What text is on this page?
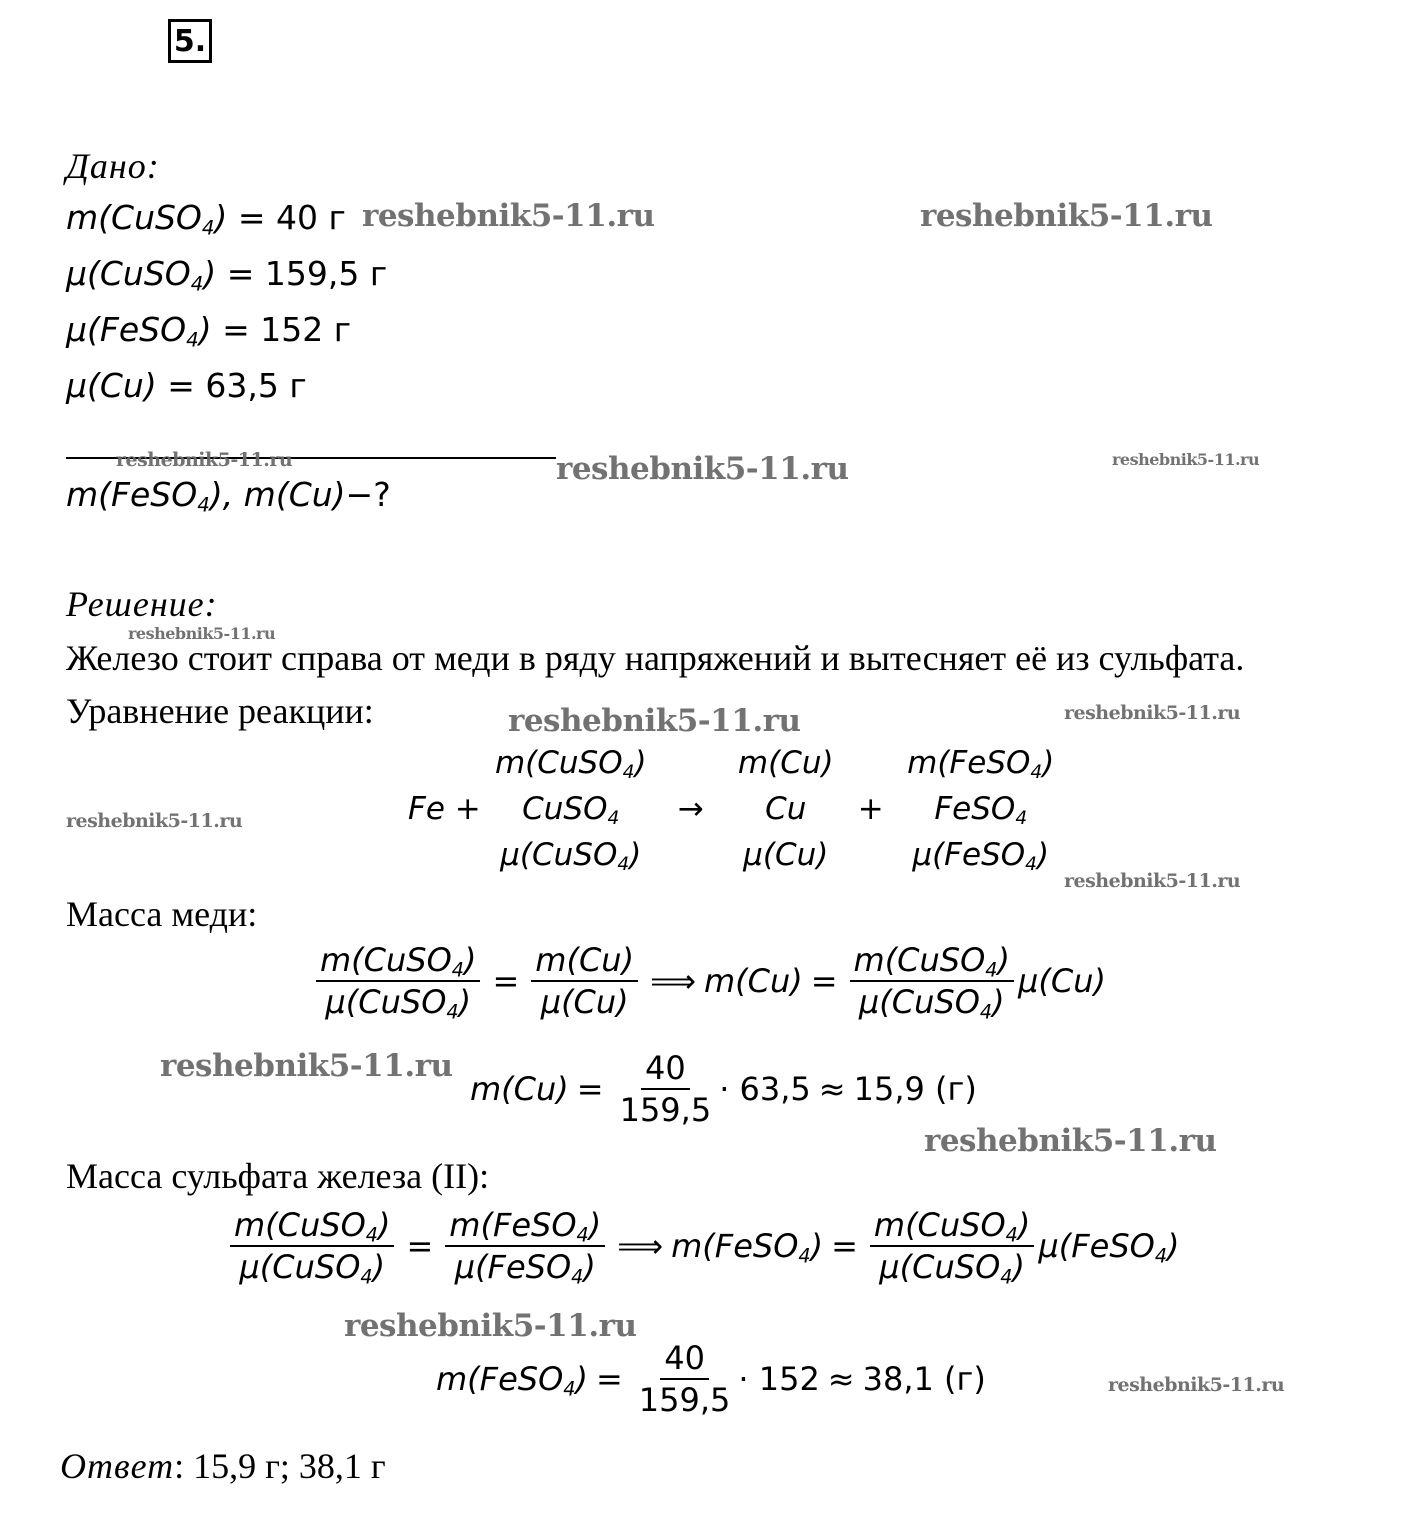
5.
Дано:
m(CuSO$_4$) = 40 г
μ(CuSO$_4$) = 159,5 г
μ(FeSO$_4$) = 152 г
μ(Cu) = 63,5 г
m(FeSO$_4$), m(Cu)−?
Решение:
Железо стоит справа от меди в ряду напряжений и вытесняет её из сульфата.
Уравнение реакции:
	m(CuSO$_4$)		m(Cu)		m(FeSO$_4$)
Fe +	CuSO$_4$	→	Cu	+	FeSO$_4$
	μ(CuSO$_4$)		μ(Cu)		μ(FeSO$_4$)
Масса меди:
$\frac{m(CuSO_4)}{\mu(CuSO_4)} = \frac{m(Cu)}{\mu(Cu)}$ ⟹ $m(Cu) = \frac{m(CuSO_4)}{\mu(CuSO_4)} \mu(Cu)$
$m(Cu) = \frac{40}{159,5}$ ·
63,5 ≈ 15,9 (г)
Масса сульфата железа (II):
$\frac{m(CuSO_4)}{\mu(CuSO_4)} = \frac{m(FeSO_4)}{\mu(FeSO_4)}$ ⟹ m(FeSO$_4$) = $\frac{m(CuSO_4)}{\mu(CuSO_4)}$ μ(FeSO$_4$)
m(FeSO$_4$) = $\frac{40}{159,5}$ ·
152 ≈ 38,1 (г)
Ответ: 15,9 г; 38,1 г
reshebnik5-11.ru	reshebnik5-11.ru
reshebnik5-11.ru	reshebnik5-11.ru	reshebnik5-11.ru
reshebnik5-11.ru
reshebnik5-11.ru	reshebnik5-11.ru
reshebnik5-11.ru
reshebnik5-11.ru
reshebnik5-11.ru
reshebnik5-11.ru
reshebnik5-11.ru
reshebnik5-11.ru
